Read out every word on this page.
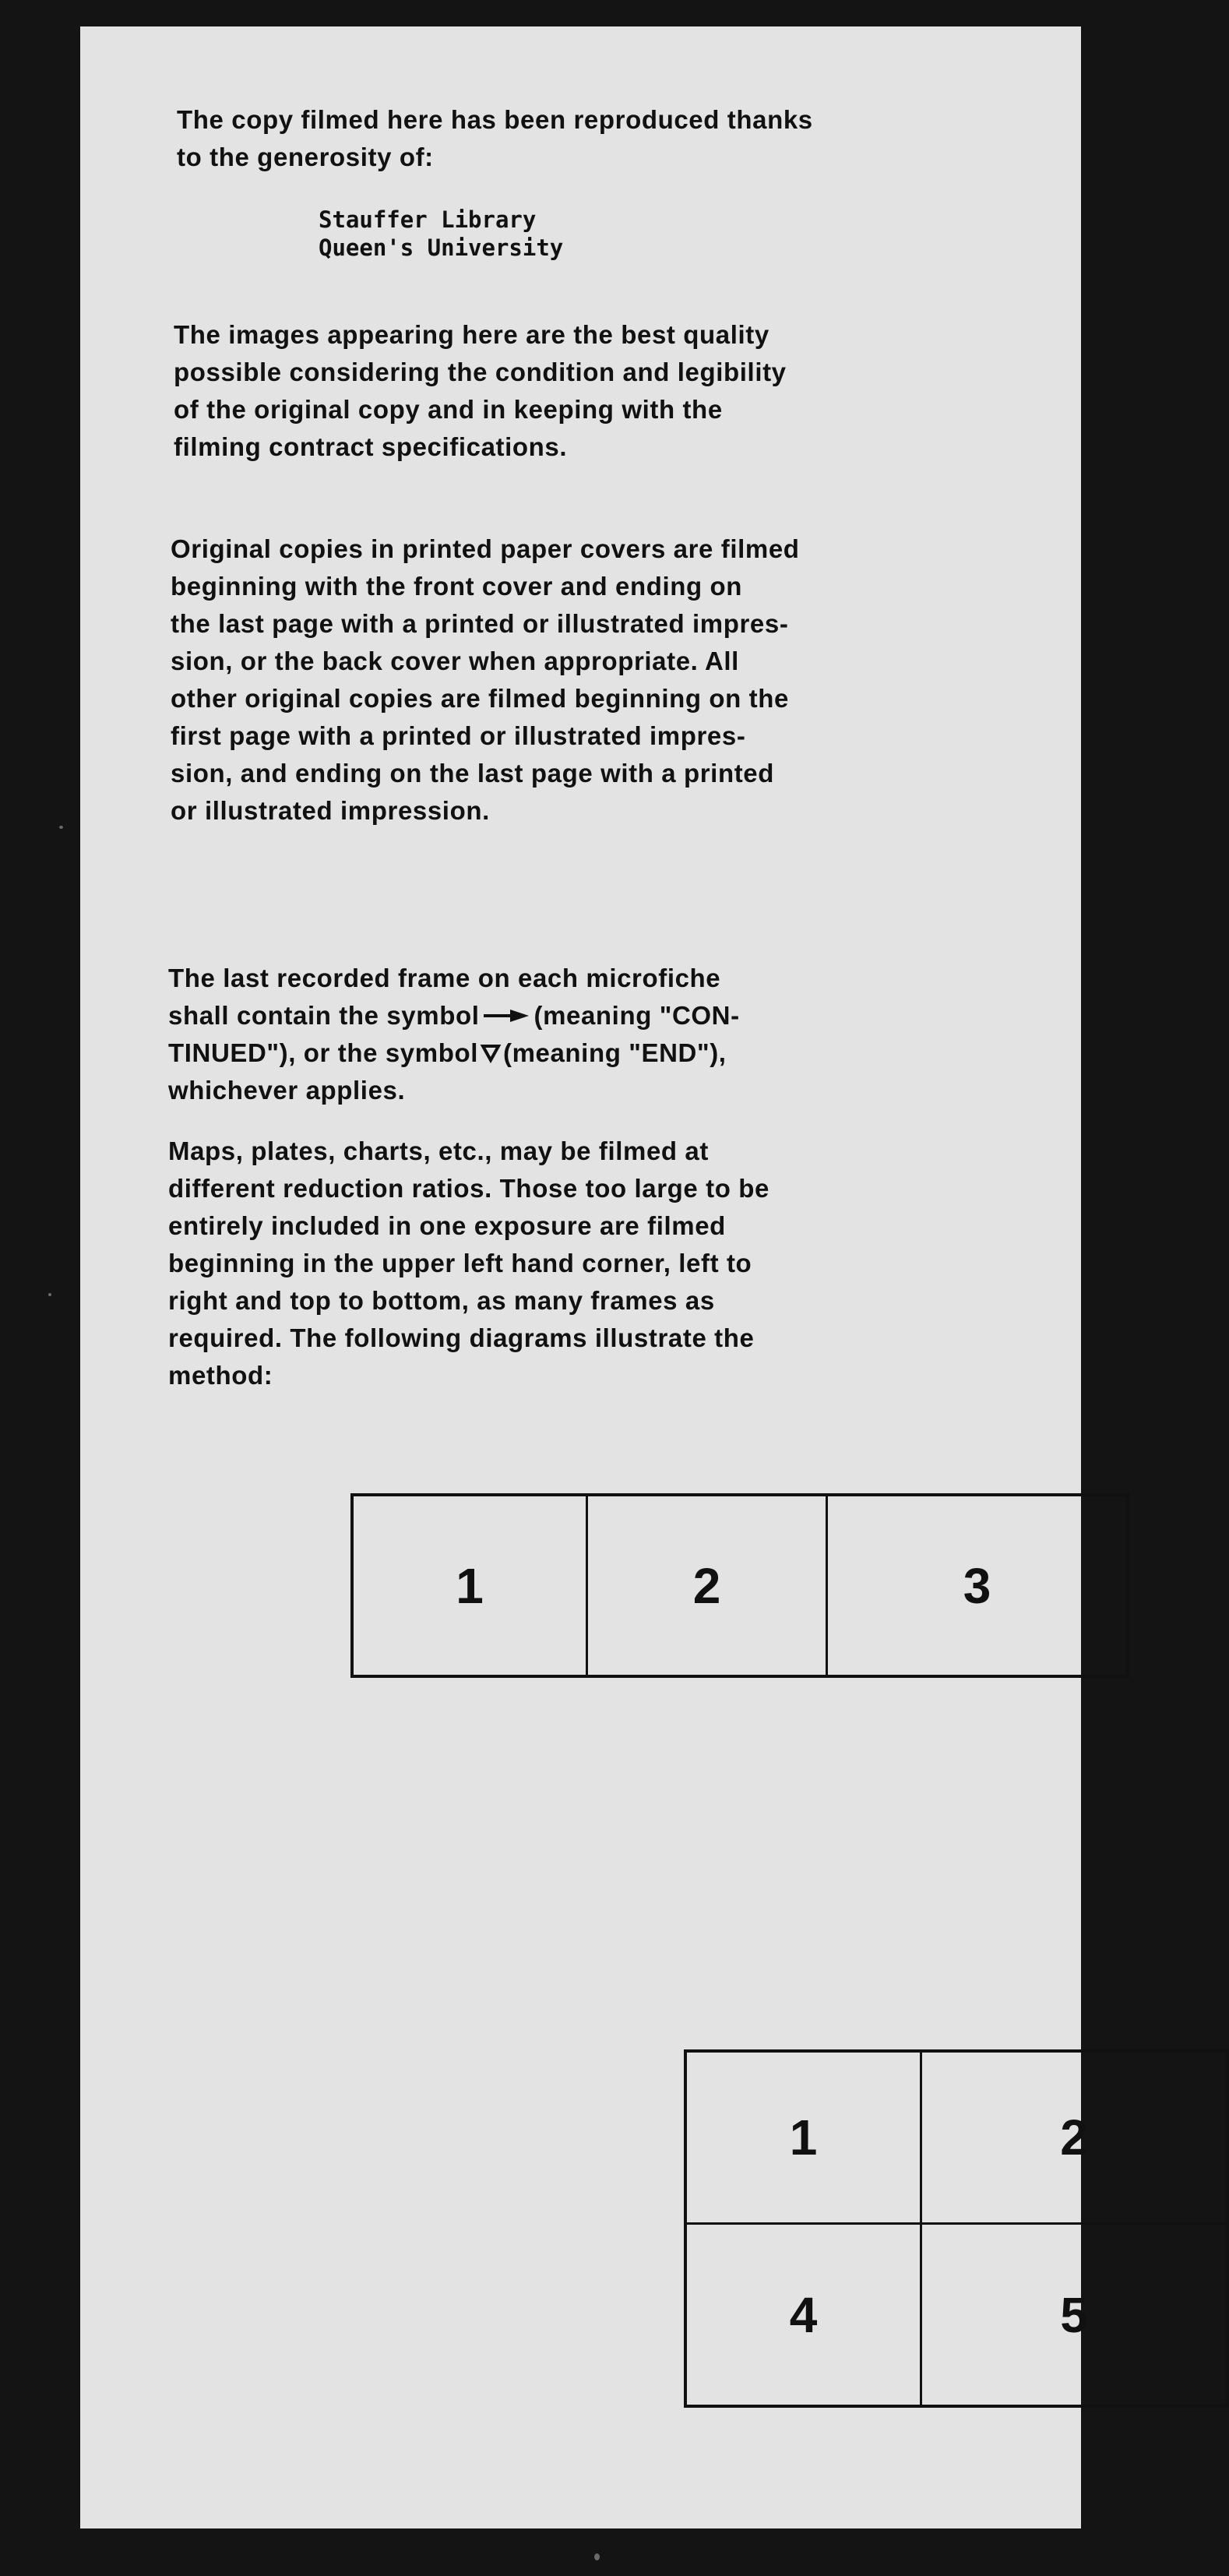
The copy filmed here has been reproduced thanks
to the generosity of:

Stauffer Library
Queen's University

The images appearing here are the best quality
possible considering the condition and legibility
of the original copy and in keeping with the
filming contract specifications.

Original copies in printed paper covers are filmed
beginning with the front cover and ending on
the last page with a printed or illustrated impres-
sion, or the back cover when appropriate. All
other original copies are filmed beginning on the
first page with a printed or illustrated impres-
sion, and ending on the last page with a printed
or illustrated impression.

The last recorded frame on each microfiche
shall contain the symbol (meaning "CON-
TINUED"), or the symbol (meaning "END"),
whichever applies.

Maps, plates, charts, etc., may be filmed at
different reduction ratios. Those too large to be
entirely included in one exposure are filmed
beginning in the upper left hand corner, left to
right and top to bottom, as many frames as
required. The following diagrams illustrate the
method:

1	2	3
1	2
4	5
